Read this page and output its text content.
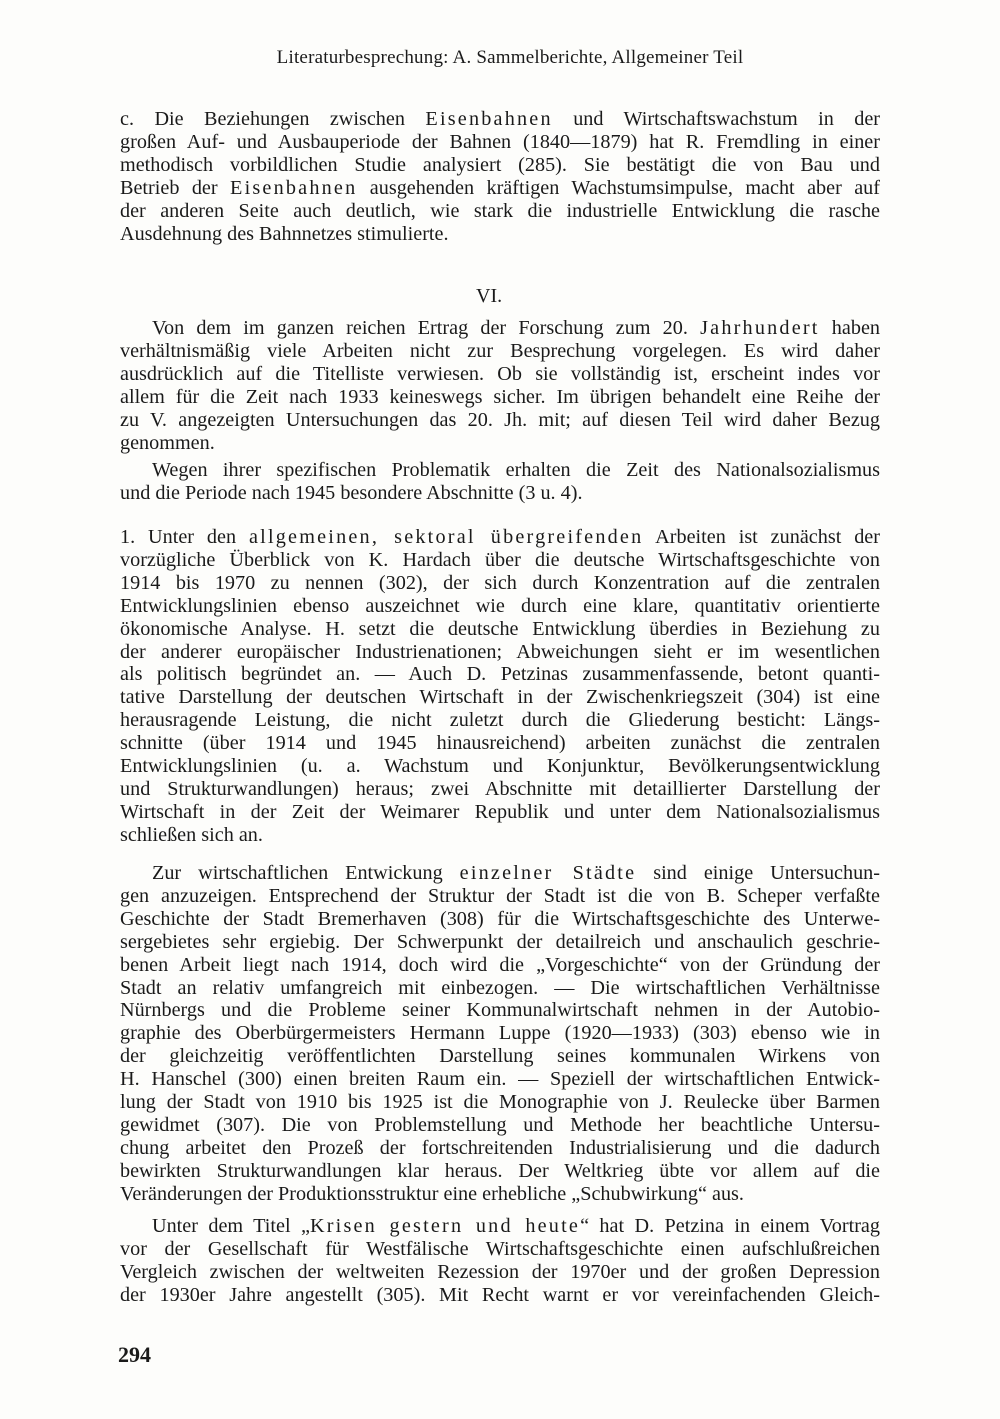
Literaturbesprechung: A. Sammelberichte, Allgemeiner Teil
c. Die Beziehungen zwischen Eisenbahnen und Wirtschaftswachstum in der
großen Auf- und Ausbauperiode der Bahnen (1840—1879) hat R. Fremdling in einer
methodisch vorbildlichen Studie analysiert (285). Sie bestätigt die von Bau und
Betrieb der Eisenbahnen ausgehenden kräftigen Wachstumsimpulse, macht aber auf
der anderen Seite auch deutlich, wie stark die industrielle Entwicklung die rasche
Ausdehnung des Bahnnetzes stimulierte.
VI.
Von dem im ganzen reichen Ertrag der Forschung zum 20. Jahrhundert haben
verhältnismäßig viele Arbeiten nicht zur Besprechung vorgelegen. Es wird daher
ausdrücklich auf die Titelliste verwiesen. Ob sie vollständig ist, erscheint indes vor
allem für die Zeit nach 1933 keineswegs sicher. Im übrigen behandelt eine Reihe der
zu V. angezeigten Untersuchungen das 20. Jh. mit; auf diesen Teil wird daher Bezug
genommen.
Wegen ihrer spezifischen Problematik erhalten die Zeit des Nationalsozialismus
und die Periode nach 1945 besondere Abschnitte (3 u. 4).
1. Unter den allgemeinen, sektoral übergreifenden Arbeiten ist zunächst der
vorzügliche Überblick von K. Hardach über die deutsche Wirtschaftsgeschichte von
1914 bis 1970 zu nennen (302), der sich durch Konzentration auf die zentralen
Entwicklungslinien ebenso auszeichnet wie durch eine klare, quantitativ orientierte
ökonomische Analyse. H. setzt die deutsche Entwicklung überdies in Beziehung zu
der anderer europäischer Industrienationen; Abweichungen sieht er im wesentlichen
als politisch begründet an. — Auch D. Petzinas zusammenfassende, betont quanti-
tative Darstellung der deutschen Wirtschaft in der Zwischenkriegszeit (304) ist eine
herausragende Leistung, die nicht zuletzt durch die Gliederung besticht: Längs-
schnitte (über 1914 und 1945 hinausreichend) arbeiten zunächst die zentralen
Entwicklungslinien (u. a. Wachstum und Konjunktur, Bevölkerungsentwicklung
und Strukturwandlungen) heraus; zwei Abschnitte mit detaillierter Darstellung der
Wirtschaft in der Zeit der Weimarer Republik und unter dem Nationalsozialismus
schließen sich an.
Zur wirtschaftlichen Entwickung einzelner Städte sind einige Untersuchun-
gen anzuzeigen. Entsprechend der Struktur der Stadt ist die von B. Scheper verfaßte
Geschichte der Stadt Bremerhaven (308) für die Wirtschaftsgeschichte des Unterwe-
sergebietes sehr ergiebig. Der Schwerpunkt der detailreich und anschaulich geschrie-
benen Arbeit liegt nach 1914, doch wird die „Vorgeschichte“ von der Gründung der
Stadt an relativ umfangreich mit einbezogen. — Die wirtschaftlichen Verhältnisse
Nürnbergs und die Probleme seiner Kommunalwirtschaft nehmen in der Autobio-
graphie des Oberbürgermeisters Hermann Luppe (1920—1933) (303) ebenso wie in
der gleichzeitig veröffentlichten Darstellung seines kommunalen Wirkens von
H. Hanschel (300) einen breiten Raum ein. — Speziell der wirtschaftlichen Entwick-
lung der Stadt von 1910 bis 1925 ist die Monographie von J. Reulecke über Barmen
gewidmet (307). Die von Problemstellung und Methode her beachtliche Untersu-
chung arbeitet den Prozeß der fortschreitenden Industrialisierung und die dadurch
bewirkten Strukturwandlungen klar heraus. Der Weltkrieg übte vor allem auf die
Veränderungen der Produktionsstruktur eine erhebliche „Schubwirkung“ aus.
Unter dem Titel „Krisen gestern und heute“ hat D. Petzina in einem Vortrag
vor der Gesellschaft für Westfälische Wirtschaftsgeschichte einen aufschlußreichen
Vergleich zwischen der weltweiten Rezession der 1970er und der großen Depression
der 1930er Jahre angestellt (305). Mit Recht warnt er vor vereinfachenden Gleich-
294
